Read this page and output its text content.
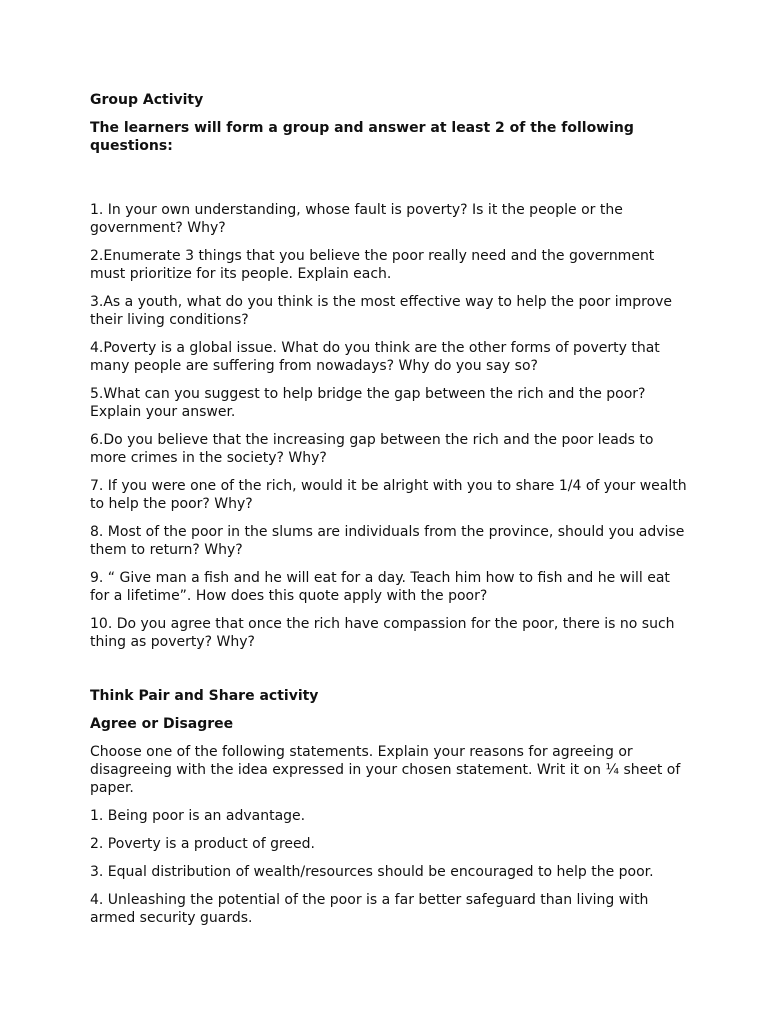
Group Activity

The learners will form a group and answer at least 2 of the following questions:

1. In your own understanding, whose fault is poverty? Is it the people or the government? Why?

2.Enumerate 3 things that you believe the poor really need and the government must prioritize for its people. Explain each.

3.As a youth, what do you think is the most effective way to help the poor improve their living conditions?

4.Poverty is a global issue. What do you think are the other forms of poverty that many people are suffering from nowadays? Why do you say so?

5.What can you suggest to help bridge the gap between the rich and the poor? Explain your answer.

6.Do you believe that the increasing gap between the rich and the poor leads to more crimes in the society? Why?

7. If you were one of the rich, would it be alright with you to share 1/4 of your wealth to help the poor? Why?

8. Most of the poor in the slums are individuals from the province, should you advise them to return? Why?

9. “ Give man a fish and he will eat for a day. Teach him how to fish and he will eat for a lifetime”. How does this quote apply with the poor?

10. Do you agree that once the rich have compassion for the poor, there is no such thing as poverty? Why?

Think Pair and Share activity

Agree or Disagree

Choose one of the following statements. Explain your reasons for agreeing or disagreeing with the idea expressed in your chosen statement. Writ it on ¼ sheet of paper.

1. Being poor is an advantage.

2. Poverty is a product of greed.

3. Equal distribution of wealth/resources should be encouraged to help the poor.

4. Unleashing the potential of the poor is a far better safeguard than living with armed security guards.
